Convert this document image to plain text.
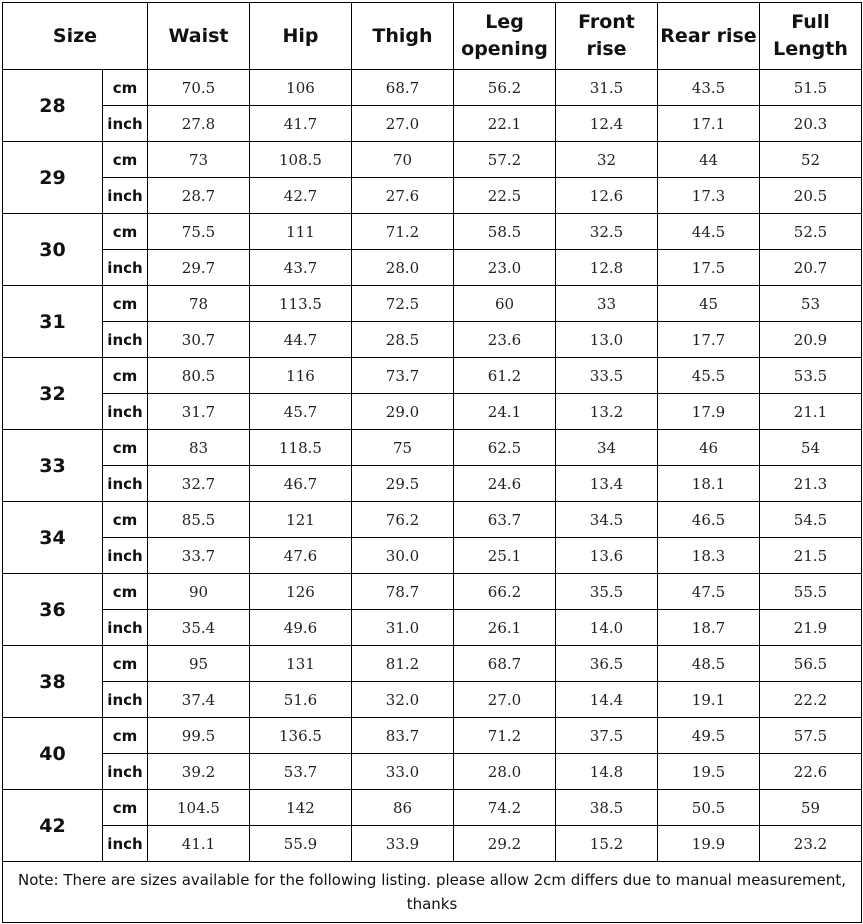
Size		Waist	Hip	Thigh	Leg opening	Front rise	Rear rise	Full Length
28	cm	70.5	106	68.7	56.2	31.5	43.5	51.5
	inch	27.8	41.7	27.0	22.1	12.4	17.1	20.3
29	cm	73	108.5	70	57.2	32	44	52
	inch	28.7	42.7	27.6	22.5	12.6	17.3	20.5
30	cm	75.5	111	71.2	58.5	32.5	44.5	52.5
	inch	29.7	43.7	28.0	23.0	12.8	17.5	20.7
31	cm	78	113.5	72.5	60	33	45	53
	inch	30.7	44.7	28.5	23.6	13.0	17.7	20.9
32	cm	80.5	116	73.7	61.2	33.5	45.5	53.5
	inch	31.7	45.7	29.0	24.1	13.2	17.9	21.1
33	cm	83	118.5	75	62.5	34	46	54
	inch	32.7	46.7	29.5	24.6	13.4	18.1	21.3
34	cm	85.5	121	76.2	63.7	34.5	46.5	54.5
	inch	33.7	47.6	30.0	25.1	13.6	18.3	21.5
36	cm	90	126	78.7	66.2	35.5	47.5	55.5
	inch	35.4	49.6	31.0	26.1	14.0	18.7	21.9
38	cm	95	131	81.2	68.7	36.5	48.5	56.5
	inch	37.4	51.6	32.0	27.0	14.4	19.1	22.2
40	cm	99.5	136.5	83.7	71.2	37.5	49.5	57.5
	inch	39.2	53.7	33.0	28.0	14.8	19.5	22.6
42	cm	104.5	142	86	74.2	38.5	50.5	59
	inch	41.1	55.9	33.9	29.2	15.2	19.9	23.2
Note: There are sizes available for the following listing. please allow 2cm differs due to manual measurement, thanks								
